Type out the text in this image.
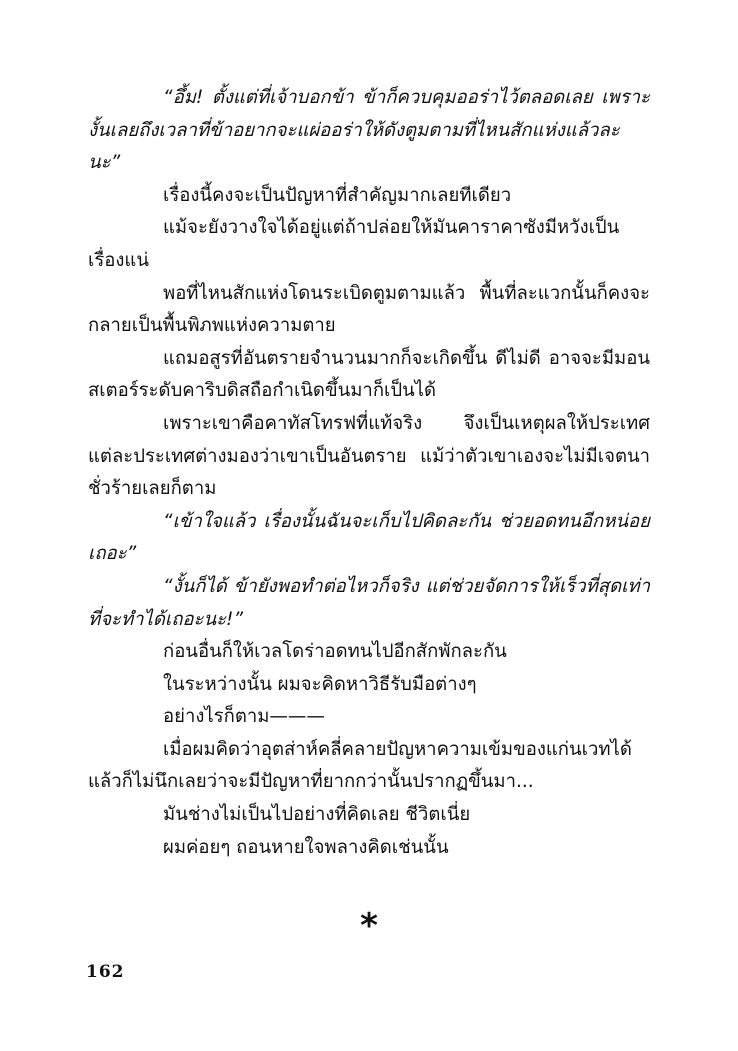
“อึ้ม! ตั้งแต่ที่เจ้าบอกข้า ข้าก็ควบคุมออร่าไว้ตลอดเลย เพราะงั้นเลยถึงเวลาที่ข้าอยากจะแผ่ออร่าให้ดังตูมตามที่ไหนสักแห่งแล้วละนะ”

เรื่องนี้คงจะเป็นปัญหาที่สำคัญมากเลยทีเดียว

แม้จะยังวางใจได้อยู่แต่ถ้าปล่อยให้มันคาราคาซังมีหวังเป็นเรื่องแน่

พอที่ไหนสักแห่งโดนระเบิดตูมตามแล้ว พื้นที่ละแวกนั้นก็คงจะกลายเป็นพื้นพิภพแห่งความตาย

แถมอสูรที่อันตรายจำนวนมากก็จะเกิดขึ้น ดีไม่ดี อาจจะมีมอนสเตอร์ระดับคาริบดิสถือกำเนิดขึ้นมาก็เป็นได้

เพราะเขาคือคาทัสโทรฟที่แท้จริง จึงเป็นเหตุผลให้ประเทศแต่ละประเทศต่างมองว่าเขาเป็นอันตราย แม้ว่าตัวเขาเองจะไม่มีเจตนาชั่วร้ายเลยก็ตาม

“เข้าใจแล้ว เรื่องนั้นฉันจะเก็บไปคิดละกัน ช่วยอดทนอีกหน่อยเถอะ”

“งั้นก็ได้ ข้ายังพอทำต่อไหวก็จริง แต่ช่วยจัดการให้เร็วที่สุดเท่าที่จะทำได้เถอะนะ!”

ก่อนอื่นก็ให้เวลโดร่าอดทนไปอีกสักพักละกัน

ในระหว่างนั้น ผมจะคิดหาวิธีรับมือต่างๆ

อย่างไรก็ตาม———

เมื่อผมคิดว่าอุตส่าห์คลี่คลายปัญหาความเข้มของแก่นเวทได้แล้วก็ไม่นึกเลยว่าจะมีปัญหาที่ยากกว่านั้นปรากฏขึ้นมา...

มันช่างไม่เป็นไปอย่างที่คิดเลย ชีวิตเนี่ย

ผมค่อยๆ ถอนหายใจพลางคิดเช่นนั้น

*
162
